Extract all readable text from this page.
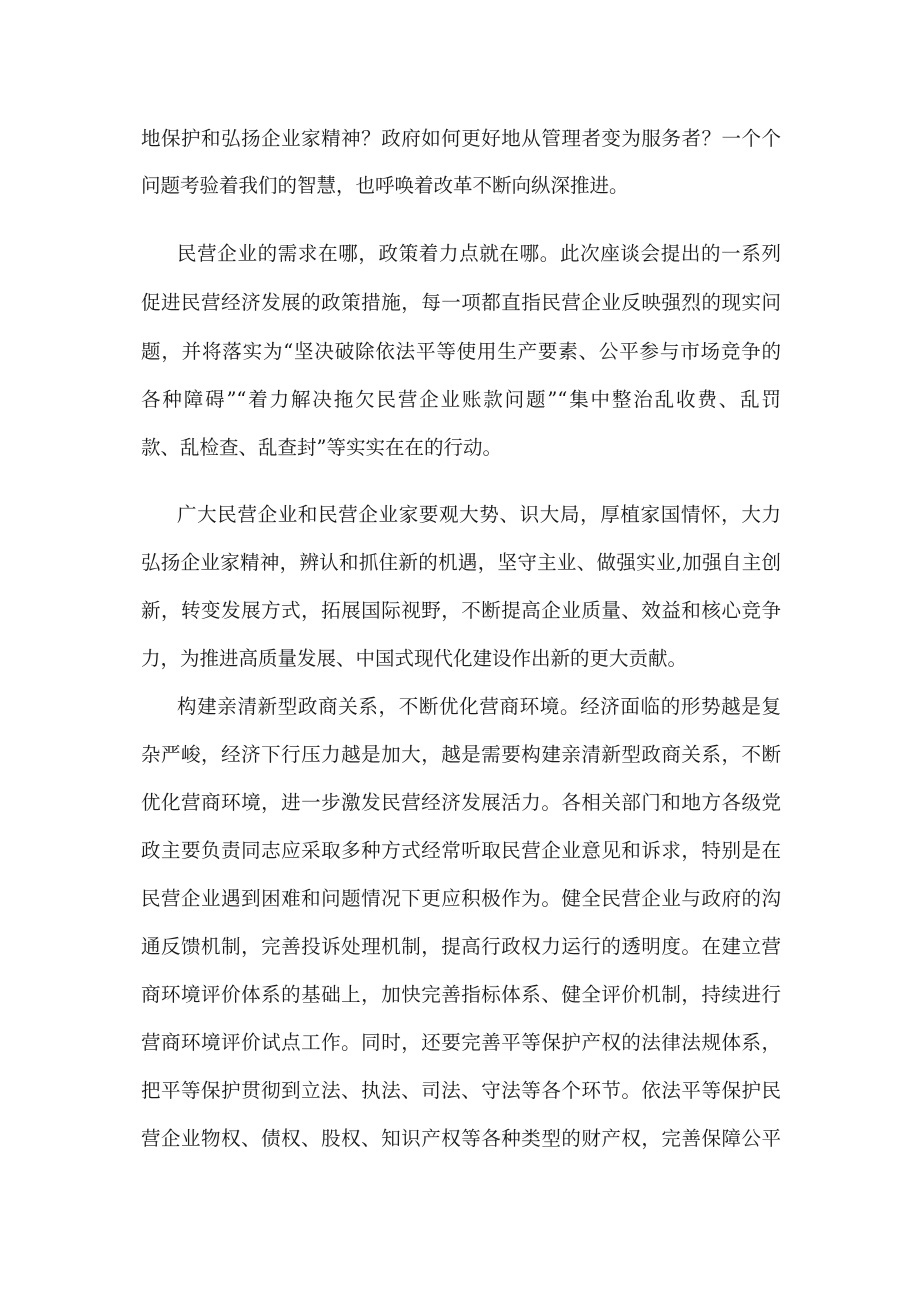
地保护和弘扬企业家精神？政府如何更好地从管理者变为服务者？一个个
问题考验着我们的智慧，也呼唤着改革不断向纵深推进。
民营企业的需求在哪，政策着力点就在哪。此次座谈会提出的一系列
促进民营经济发展的政策措施，每一项都直指民营企业反映强烈的现实问
题，并将落实为“坚决破除依法平等使用生产要素、公平参与市场竞争的
各种障碍”“着力解决拖欠民营企业账款问题”“集中整治乱收费、乱罚
款、乱检查、乱查封”等实实在在的行动。
广大民营企业和民营企业家要观大势、识大局，厚植家国情怀，大力
弘扬企业家精神，辨认和抓住新的机遇，坚守主业、做强实业,加强自主创
新，转变发展方式，拓展国际视野，不断提高企业质量、效益和核心竞争
力，为推进高质量发展、中国式现代化建设作出新的更大贡献。
构建亲清新型政商关系，不断优化营商环境。经济面临的形势越是复
杂严峻，经济下行压力越是加大，越是需要构建亲清新型政商关系，不断
优化营商环境，进一步激发民营经济发展活力。各相关部门和地方各级党
政主要负责同志应采取多种方式经常听取民营企业意见和诉求，特别是在
民营企业遇到困难和问题情况下更应积极作为。健全民营企业与政府的沟
通反馈机制，完善投诉处理机制，提高行政权力运行的透明度。在建立营
商环境评价体系的基础上，加快完善指标体系、健全评价机制，持续进行
营商环境评价试点工作。同时，还要完善平等保护产权的法律法规体系，
把平等保护贯彻到立法、执法、司法、守法等各个环节。依法平等保护民
营企业物权、债权、股权、知识产权等各种类型的财产权，完善保障公平
